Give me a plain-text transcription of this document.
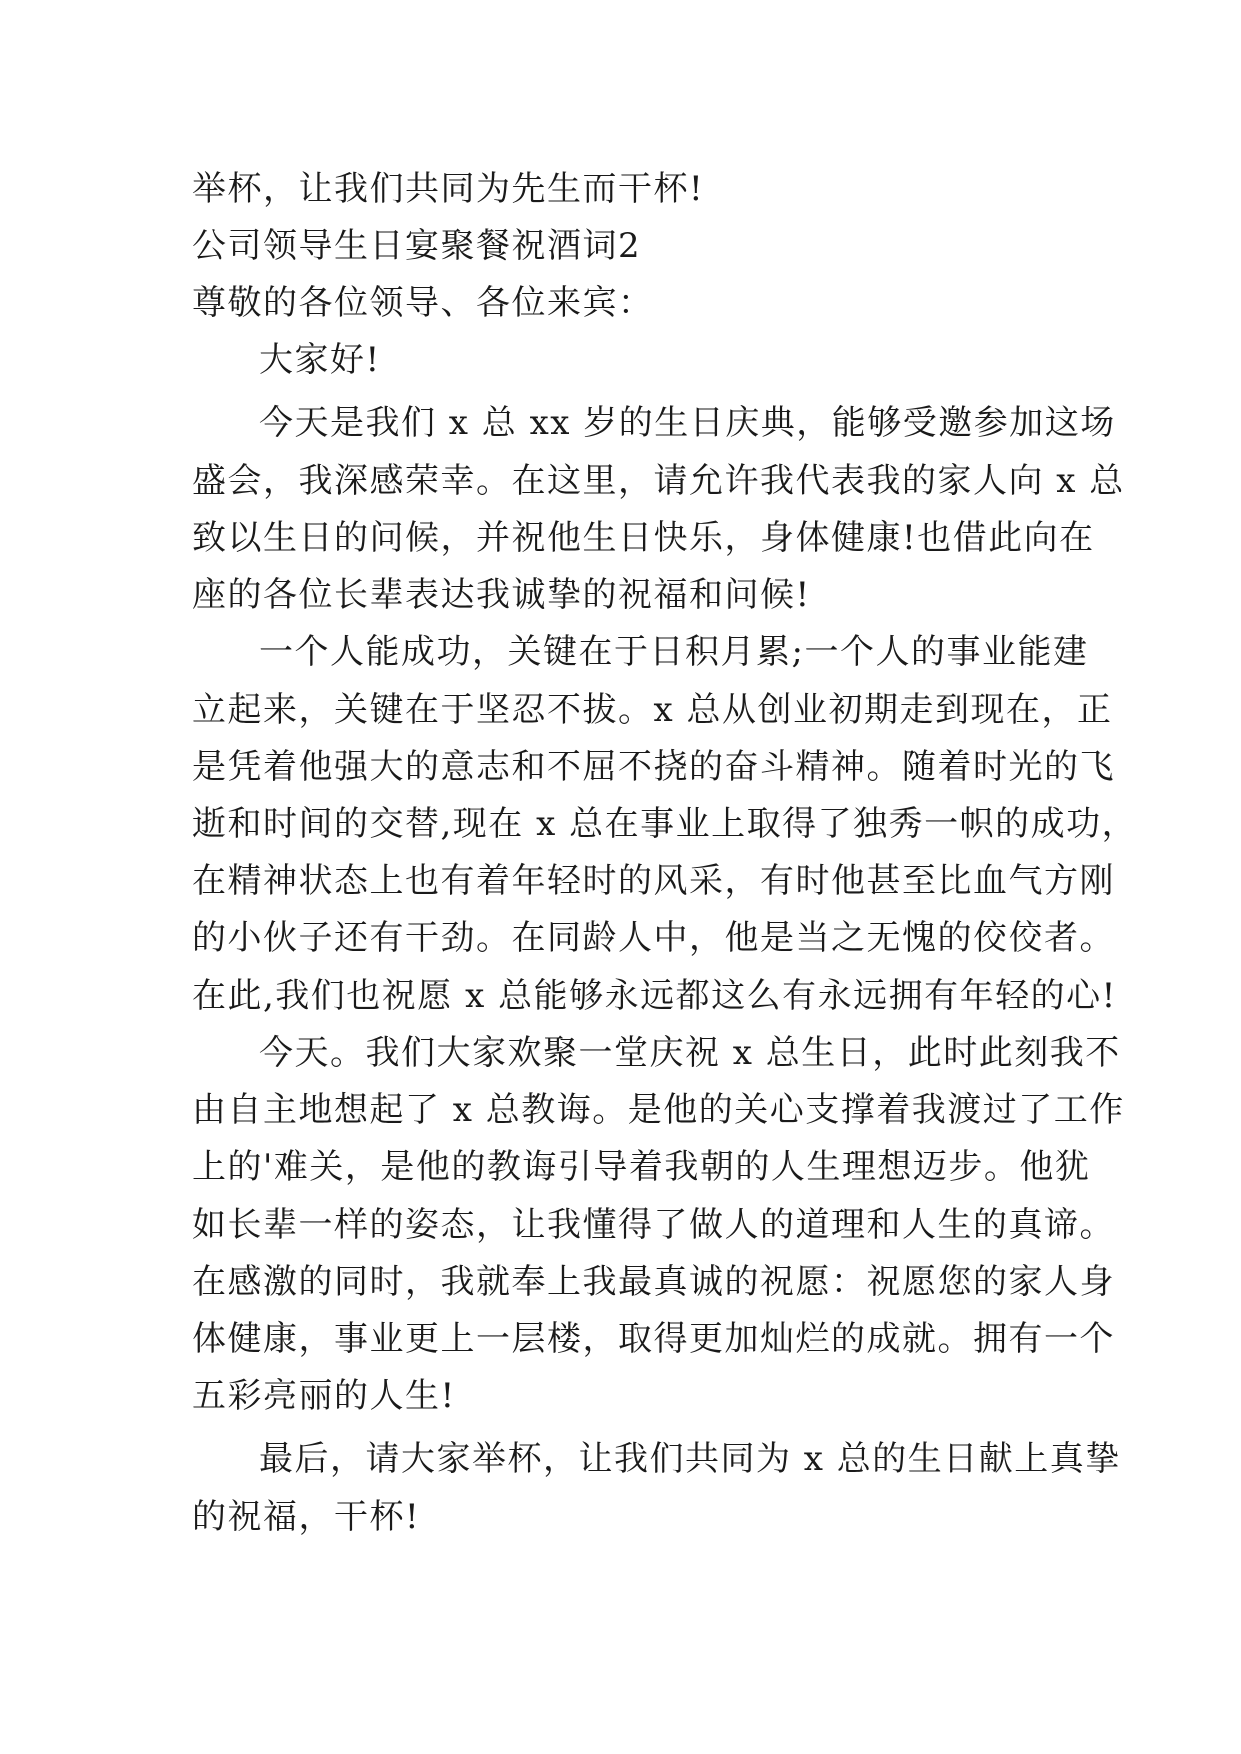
举杯，让我们共同为先生而干杯!
公司领导生日宴聚餐祝酒词2
尊敬的各位领导、各位来宾：
大家好!
今天是我们 x 总 xx 岁的生日庆典，能够受邀参加这场
盛会，我深感荣幸。在这里，请允许我代表我的家人向 x 总
致以生日的问候，并祝他生日快乐，身体健康!也借此向在
座的各位长辈表达我诚挚的祝福和问候!
一个人能成功，关键在于日积月累;一个人的事业能建
立起来，关键在于坚忍不拔。x 总从创业初期走到现在，正
是凭着他强大的意志和不屈不挠的奋斗精神。随着时光的飞
逝和时间的交替,现在 x 总在事业上取得了独秀一帜的成功，
在精神状态上也有着年轻时的风采，有时他甚至比血气方刚
的小伙子还有干劲。在同龄人中，他是当之无愧的佼佼者。
在此,我们也祝愿 x 总能够永远都这么有永远拥有年轻的心!
今天。我们大家欢聚一堂庆祝 x 总生日，此时此刻我不
由自主地想起了 x 总教诲。是他的关心支撑着我渡过了工作
上的'难关，是他的教诲引导着我朝的人生理想迈步。他犹
如长辈一样的姿态，让我懂得了做人的道理和人生的真谛。
在感激的同时，我就奉上我最真诚的祝愿：祝愿您的家人身
体健康，事业更上一层楼，取得更加灿烂的成就。拥有一个
五彩亮丽的人生!
最后，请大家举杯，让我们共同为 x 总的生日献上真挚
的祝福，干杯!
